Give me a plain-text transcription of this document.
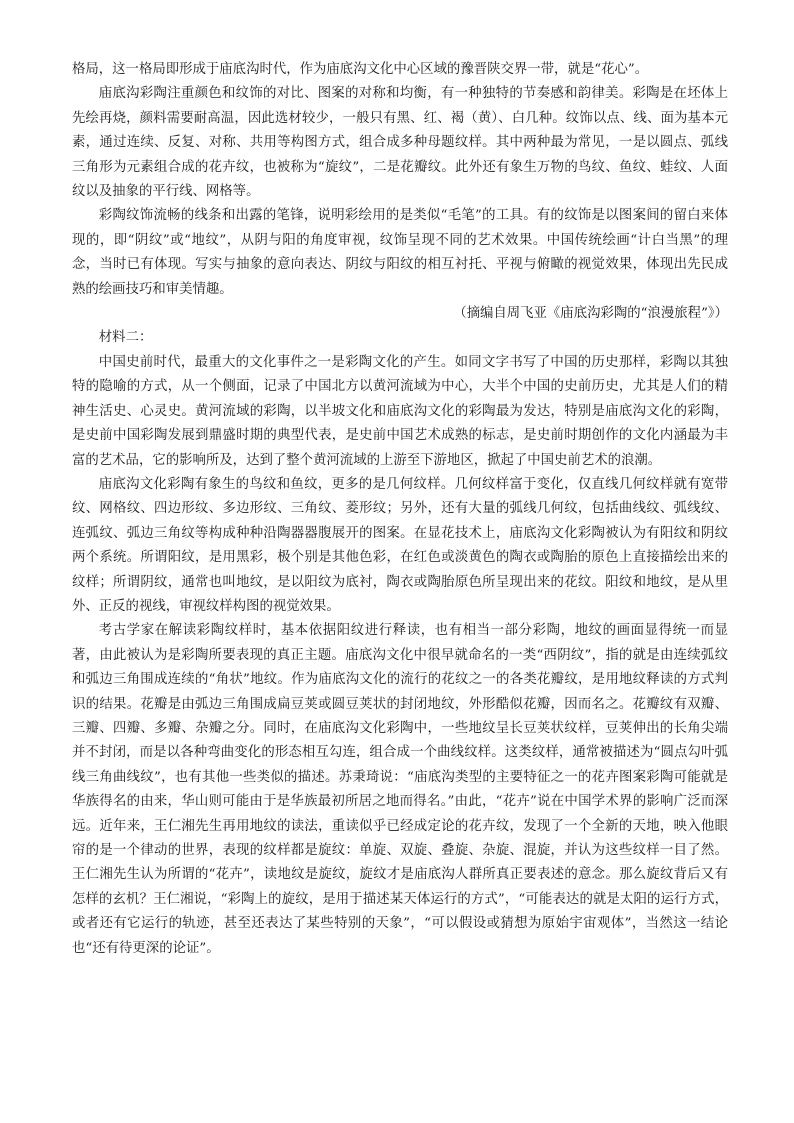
格局，这一格局即形成于庙底沟时代，作为庙底沟文化中心区域的豫晋陕交界一带，就是“花心”。

庙底沟彩陶注重颜色和纹饰的对比、图案的对称和均衡，有一种独特的节奏感和韵律美。彩陶是在坯体上先绘再烧，颜料需要耐高温，因此选材较少，一般只有黑、红、褐（黄）、白几种。纹饰以点、线、面为基本元素，通过连续、反复、对称、共用等构图方式，组合成多种母题纹样。其中两种最为常见，一是以圆点、弧线三角形为元素组合成的花卉纹，也被称为“旋纹”，二是花瓣纹。此外还有象生万物的鸟纹、鱼纹、蛙纹、人面纹以及抽象的平行线、网格等。

彩陶纹饰流畅的线条和出露的笔锋，说明彩绘用的是类似“毛笔”的工具。有的纹饰是以图案间的留白来体现的，即“阴纹”或“地纹”，从阴与阳的角度审视，纹饰呈现不同的艺术效果。中国传统绘画“计白当黑”的理念，当时已有体现。写实与抽象的意向表达、阴纹与阳纹的相互衬托、平视与俯瞰的视觉效果，体现出先民成熟的绘画技巧和审美情趣。

（摘编自周飞亚《庙底沟彩陶的“浪漫旅程”》）

材料二：

中国史前时代，最重大的文化事件之一是彩陶文化的产生。如同文字书写了中国的历史那样，彩陶以其独特的隐喻的方式，从一个侧面，记录了中国北方以黄河流域为中心，大半个中国的史前历史，尤其是人们的精神生活史、心灵史。黄河流域的彩陶，以半坡文化和庙底沟文化的彩陶最为发达，特别是庙底沟文化的彩陶，是史前中国彩陶发展到鼎盛时期的典型代表，是史前中国艺术成熟的标志，是史前时期创作的文化内涵最为丰富的艺术品，它的影响所及，达到了整个黄河流域的上游至下游地区，掀起了中国史前艺术的浪潮。

庙底沟文化彩陶有象生的鸟纹和鱼纹，更多的是几何纹样。几何纹样富于变化，仅直线几何纹样就有宽带纹、网格纹、四边形纹、多边形纹、三角纹、菱形纹；另外，还有大量的弧线几何纹，包括曲线纹、弧线纹、连弧纹、弧边三角纹等构成种种沿陶器器腹展开的图案。在显花技术上，庙底沟文化彩陶被认为有阳纹和阴纹两个系统。所谓阳纹，是用黑彩，极个别是其他色彩，在红色或淡黄色的陶衣或陶胎的原色上直接描绘出来的纹样；所谓阴纹，通常也叫地纹，是以阳纹为底衬，陶衣或陶胎原色所呈现出来的花纹。阳纹和地纹，是从里外、正反的视线，审视纹样构图的视觉效果。

考古学家在解读彩陶纹样时，基本依据阳纹进行释读，也有相当一部分彩陶，地纹的画面显得统一而显著，由此被认为是彩陶所要表现的真正主题。庙底沟文化中很早就命名的一类“西阴纹”，指的就是由连续弧纹和弧边三角围成连续的“角状”地纹。作为庙底沟文化的流行的花纹之一的各类花瓣纹，是用地纹释读的方式判识的结果。花瓣是由弧边三角围成扁豆荚或圆豆荚状的封闭地纹，外形酷似花瓣，因而名之。花瓣纹有双瓣、三瓣、四瓣、多瓣、杂瓣之分。同时，在庙底沟文化彩陶中，一些地纹呈长豆荚状纹样，豆荚伸出的长角尖端并不封闭，而是以各种弯曲变化的形态相互勾连，组合成一个曲线纹样。这类纹样，通常被描述为“圆点勾叶弧线三角曲线纹”，也有其他一些类似的描述。苏秉琦说：“庙底沟类型的主要特征之一的花卉图案彩陶可能就是华族得名的由来，华山则可能由于是华族最初所居之地而得名。”由此，“花卉”说在中国学术界的影响广泛而深远。近年来，王仁湘先生再用地纹的读法，重读似乎已经成定论的花卉纹，发现了一个全新的天地，映入他眼帘的是一个律动的世界，表现的纹样都是旋纹：单旋、双旋、叠旋、杂旋、混旋，并认为这些纹样一目了然。王仁湘先生认为所谓的“花卉”，读地纹是旋纹，旋纹才是庙底沟人群所真正要表述的意念。那么旋纹背后又有怎样的玄机？王仁湘说，“彩陶上的旋纹，是用于描述某天体运行的方式”，“可能表达的就是太阳的运行方式，或者还有它运行的轨迹，甚至还表达了某些特别的天象”，“可以假设或猜想为原始宇宙观体”，当然这一结论也“还有待更深的论证”。
